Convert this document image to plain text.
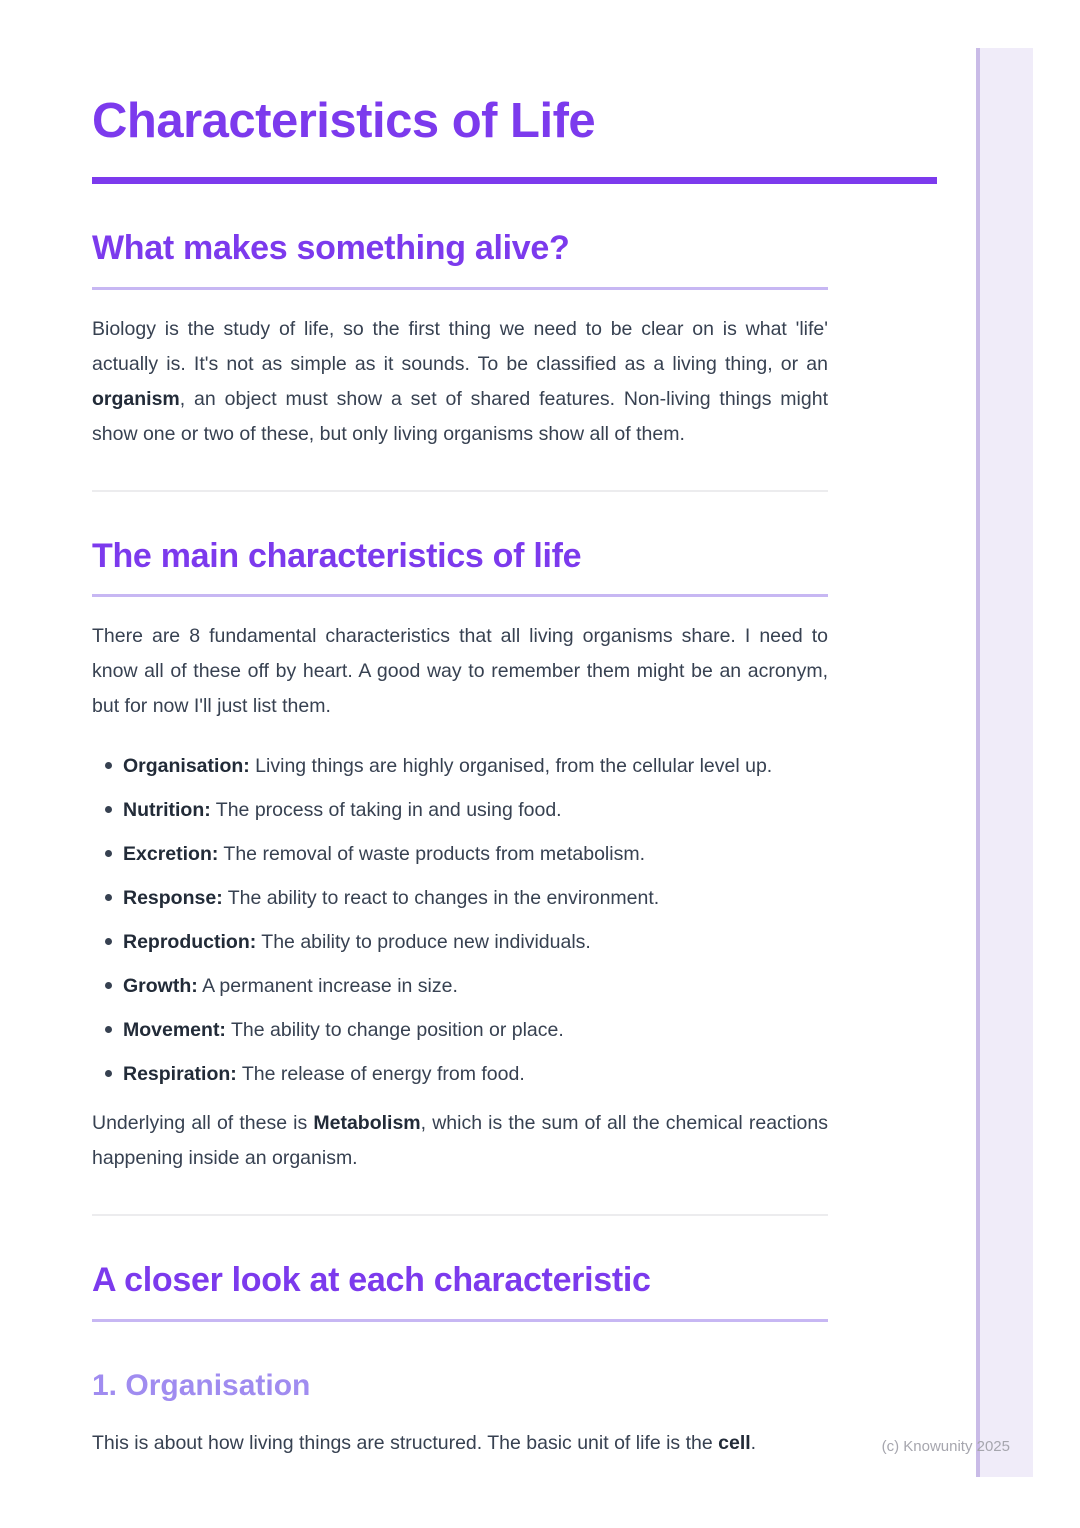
Characteristics of Life
What makes something alive?

Biology is the study of life, so the first thing we need to be clear on is what 'life' actually is. It's not as simple as it sounds. To be classified as a living thing, or an organism, an object must show a set of shared features. Non-living things might show one or two of these, but only living organisms show all of them.

The main characteristics of life

There are 8 fundamental characteristics that all living organisms share. I need to know all of these off by heart. A good way to remember them might be an acronym, but for now I'll just list them.

Organisation: Living things are highly organised, from the cellular level up.
Nutrition: The process of taking in and using food.
Excretion: The removal of waste products from metabolism.
Response: The ability to react to changes in the environment.
Reproduction: The ability to produce new individuals.
Growth: A permanent increase in size.
Movement: The ability to change position or place.
Respiration: The release of energy from food.

Underlying all of these is Metabolism, which is the sum of all the chemical reactions happening inside an organism.

A closer look at each characteristic
1. Organisation

This is about how living things are structured. The basic unit of life is the cell.	(c) Knowunity 2025
